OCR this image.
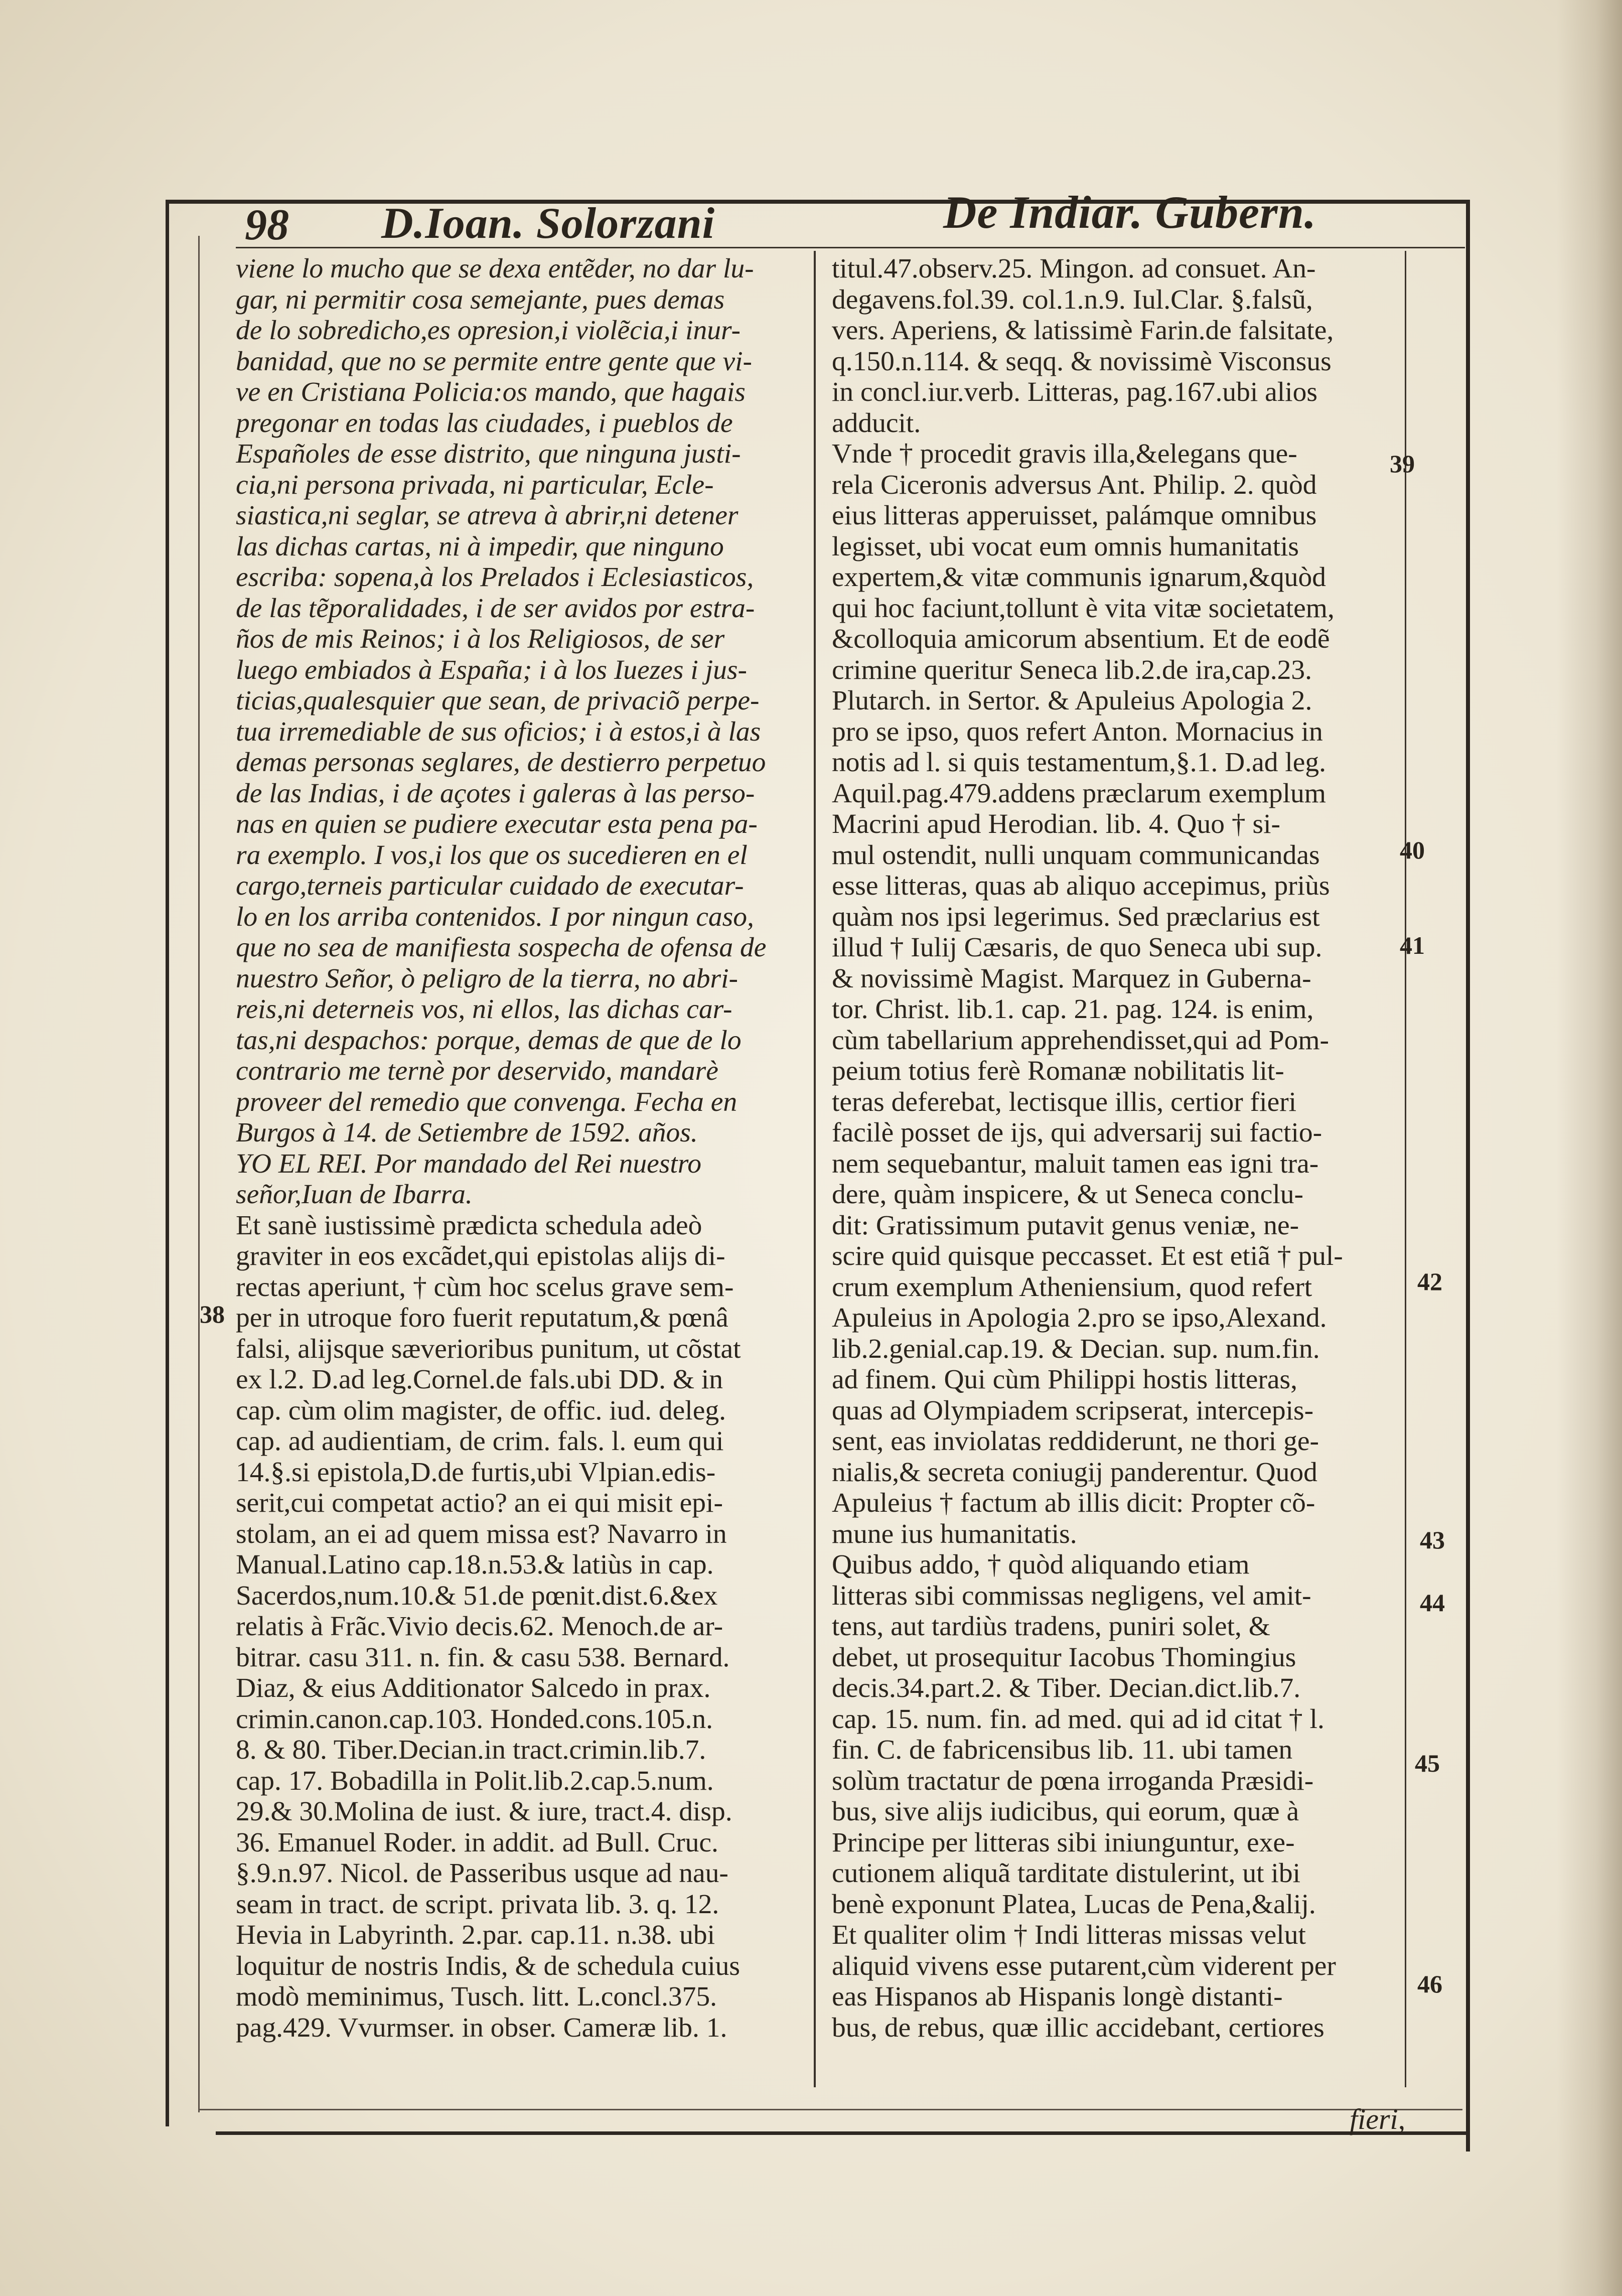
98 D.Ioan. Solorzani	De Indiar. Gubern.
viene lo mucho que se dexa entẽder, no dar lu-
gar, ni permitir cosa semejante, pues demas
de lo sobredicho,es opresion,i violẽcia,i inur-
banidad, que no se permite entre gente que vi-
ve en Cristiana Policia:os mando, que hagais
pregonar en todas las ciudades, i pueblos de
Españoles de esse distrito, que ninguna justi-
cia,ni persona privada, ni particular, Ecle-
siastica,ni seglar, se atreva à abrir,ni detener
las dichas cartas, ni à impedir, que ninguno
escriba: sopena,à los Prelados i Eclesiasticos,
de las tẽporalidades, i de ser avidos por estra-
ños de mis Reinos; i à los Religiosos, de ser
luego embiados à España; i à los Iuezes i jus-
ticias,qualesquier que sean, de privaciõ perpe-
tua irremediable de sus oficios; i à estos,i à las
demas personas seglares, de destierro perpetuo
de las Indias, i de açotes i galeras à las perso-
nas en quien se pudiere executar esta pena pa-
ra exemplo. I vos,i los que os sucedieren en el
cargo,terneis particular cuidado de executar-
lo en los arriba contenidos. I por ningun caso,
que no sea de manifiesta sospecha de ofensa de
nuestro Señor, ò peligro de la tierra, no abri-
reis,ni deterneis vos, ni ellos, las dichas car-
tas,ni despachos: porque, demas de que de lo
contrario me ternè por deservido, mandarè
proveer del remedio que convenga. Fecha en
Burgos à 14. de Setiembre de 1592. años.
YO EL REI. Por mandado del Rei nuestro
señor,Iuan de Ibarra.
Et sanè iustissimè prædicta schedula adeò
graviter in eos excãdet,qui epistolas alijs di-
rectas aperiunt, † cùm hoc scelus grave sem-
per in utroque foro fuerit reputatum,& pœnâ
falsi, alijsque sæverioribus punitum, ut cõstat
ex l.2. D.ad leg.Cornel.de fals.ubi DD. & in
cap. cùm olim magister, de offic. iud. deleg.
cap. ad audientiam, de crim. fals. l. eum qui
14.§.si epistola,D.de furtis,ubi Vlpian.edis-
serit,cui competat actio? an ei qui misit epi-
stolam, an ei ad quem missa est? Navarro in
Manual.Latino cap.18.n.53.& latiùs in cap.
Sacerdos,num.10.& 51.de pœnit.dist.6.&ex
relatis à Frãc.Vivio decis.62. Menoch.de ar-
bitrar. casu 311. n. fin. & casu 538. Bernard.
Diaz, & eius Additionator Salcedo in prax.
crimin.canon.cap.103. Honded.cons.105.n.
8. & 80. Tiber.Decian.in tract.crimin.lib.7.
cap. 17. Bobadilla in Polit.lib.2.cap.5.num.
29.& 30.Molina de iust. & iure, tract.4. disp.
36. Emanuel Roder. in addit. ad Bull. Cruc.
§.9.n.97. Nicol. de Passeribus usque ad nau-
seam in tract. de script. privata lib. 3. q. 12.
Hevia in Labyrinth. 2.par. cap.11. n.38. ubi
loquitur de nostris Indis, & de schedula cuius
modò meminimus, Tusch. litt. L.concl.375.
pag.429. Vvurmser. in obser. Cameræ lib. 1.
titul.47.observ.25. Mingon. ad consuet. An-
degavens.fol.39. col.1.n.9. Iul.Clar. §.falsũ,
vers. Aperiens, & latissimè Farin.de falsitate,
q.150.n.114. & seqq. & novissimè Visconsus
in concl.iur.verb. Litteras, pag.167.ubi alios
adducit.
Vnde † procedit gravis illa,&elegans que-
rela Ciceronis adversus Ant. Philip. 2. quòd
eius litteras apperuisset, palámque omnibus
legisset, ubi vocat eum omnis humanitatis
expertem,& vitæ communis ignarum,&quòd
qui hoc faciunt,tollunt è vita vitæ societatem,
&colloquia amicorum absentium. Et de eodẽ
crimine queritur Seneca lib.2.de ira,cap.23.
Plutarch. in Sertor. & Apuleius Apologia 2.
pro se ipso, quos refert Anton. Mornacius in
notis ad l. si quis testamentum,§.1. D.ad leg.
Aquil.pag.479.addens præclarum exemplum
Macrini apud Herodian. lib. 4. Quo † si-
mul ostendit, nulli unquam communicandas
esse litteras, quas ab aliquo accepimus, priùs
quàm nos ipsi legerimus. Sed præclarius est
illud † Iulij Cæsaris, de quo Seneca ubi sup.
& novissimè Magist. Marquez in Guberna-
tor. Christ. lib.1. cap. 21. pag. 124. is enim,
cùm tabellarium apprehendisset,qui ad Pom-
peium totius ferè Romanæ nobilitatis lit-
teras deferebat, lectisque illis, certior fieri
facilè posset de ijs, qui adversarij sui factio-
nem sequebantur, maluit tamen eas igni tra-
dere, quàm inspicere, & ut Seneca conclu-
dit: Gratissimum putavit genus veniæ, ne-
scire quid quisque peccasset. Et est etiã † pul-
crum exemplum Atheniensium, quod refert
Apuleius in Apologia 2.pro se ipso,Alexand.
lib.2.genial.cap.19. & Decian. sup. num.fin.
ad finem. Qui cùm Philippi hostis litteras,
quas ad Olympiadem scripserat, intercepis-
sent, eas inviolatas reddiderunt, ne thori ge-
nialis,& secreta coniugij panderentur. Quod
Apuleius † factum ab illis dicit: Propter cõ-
mune ius humanitatis.
Quibus addo, † quòd aliquando etiam
litteras sibi commissas negligens, vel amit-
tens, aut tardiùs tradens, puniri solet, &
debet, ut prosequitur Iacobus Thomingius
decis.34.part.2. & Tiber. Decian.dict.lib.7.
cap. 15. num. fin. ad med. qui ad id citat † l.
fin. C. de fabricensibus lib. 11. ubi tamen
solùm tractatur de pœna irroganda Præsidi-
bus, sive alijs iudicibus, qui eorum, quæ à
Principe per litteras sibi iniunguntur, exe-
cutionem aliquã tarditate distulerint, ut ibi
benè exponunt Platea, Lucas de Pena,&alij.
Et qualiter olim † Indi litteras missas velut
aliquid vivens esse putarent,cùm viderent per
eas Hispanos ab Hispanis longè distanti-
bus, de rebus, quæ illic accidebant, certiores
38
39
40
41
42
43
44
45
46
fieri,
